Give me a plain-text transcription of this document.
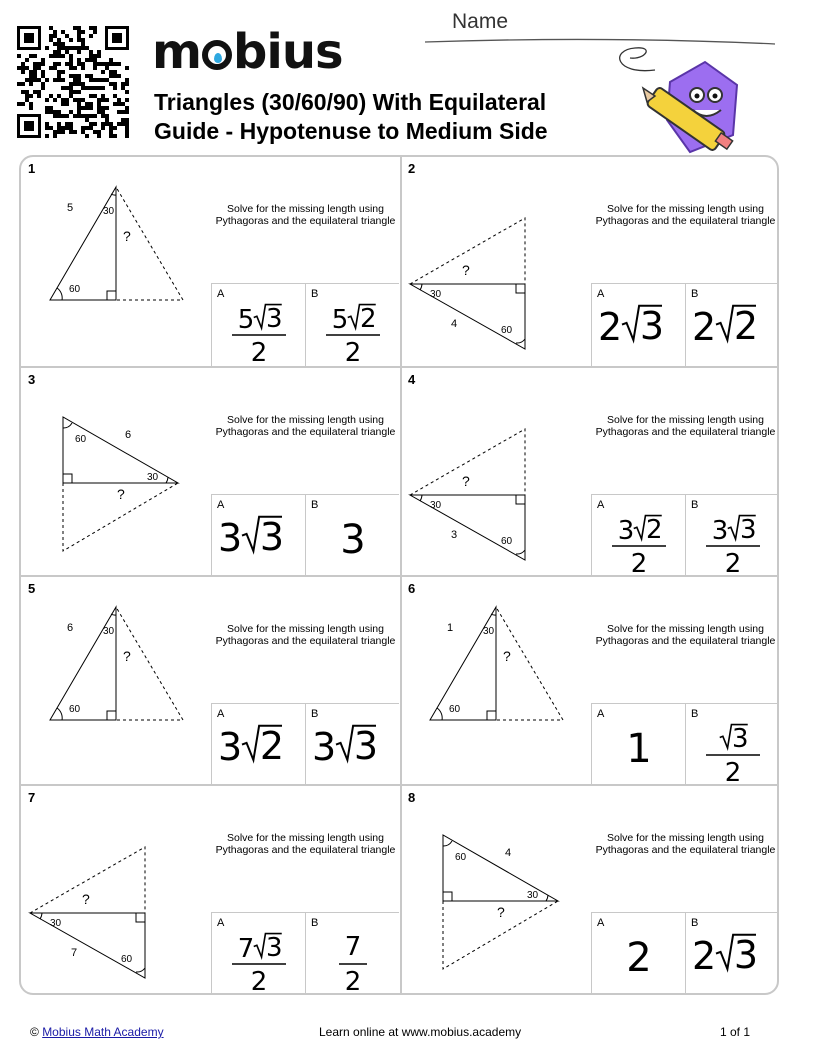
m bius
Triangles (30/60/90) With Equilateral
Guide - Hypotenuse to Medium Side
Name
1
5	30
60
?
Solve for the missing length using Pythagoras and the equilateral triangle
A
5 3
2
B
5 2
2
2
30
60
4
?
Solve for the missing length using Pythagoras and the equilateral triangle
A
2 3
B
2 2
3
60
30
6
?
Solve for the missing length using Pythagoras and the equilateral triangle
A
3 3
B
3
4
30
60
3
?
Solve for the missing length using Pythagoras and the equilateral triangle
A
3 2
2
B
3 3
2
5
6	30
60
?
Solve for the missing length using Pythagoras and the equilateral triangle
A
3 2
B
3 3
6
1	30
60
?
Solve for the missing length using Pythagoras and the equilateral triangle
A
1
B
3
2
7
30
60
7
?
Solve for the missing length using Pythagoras and the equilateral triangle
A
7 3
2
B
7
2
8
60
30
4
?
Solve for the missing length using Pythagoras and the equilateral triangle
A
2
B
2 3
© Mobius Math Academy	Learn online at www.mobius.academy	1 of 1
